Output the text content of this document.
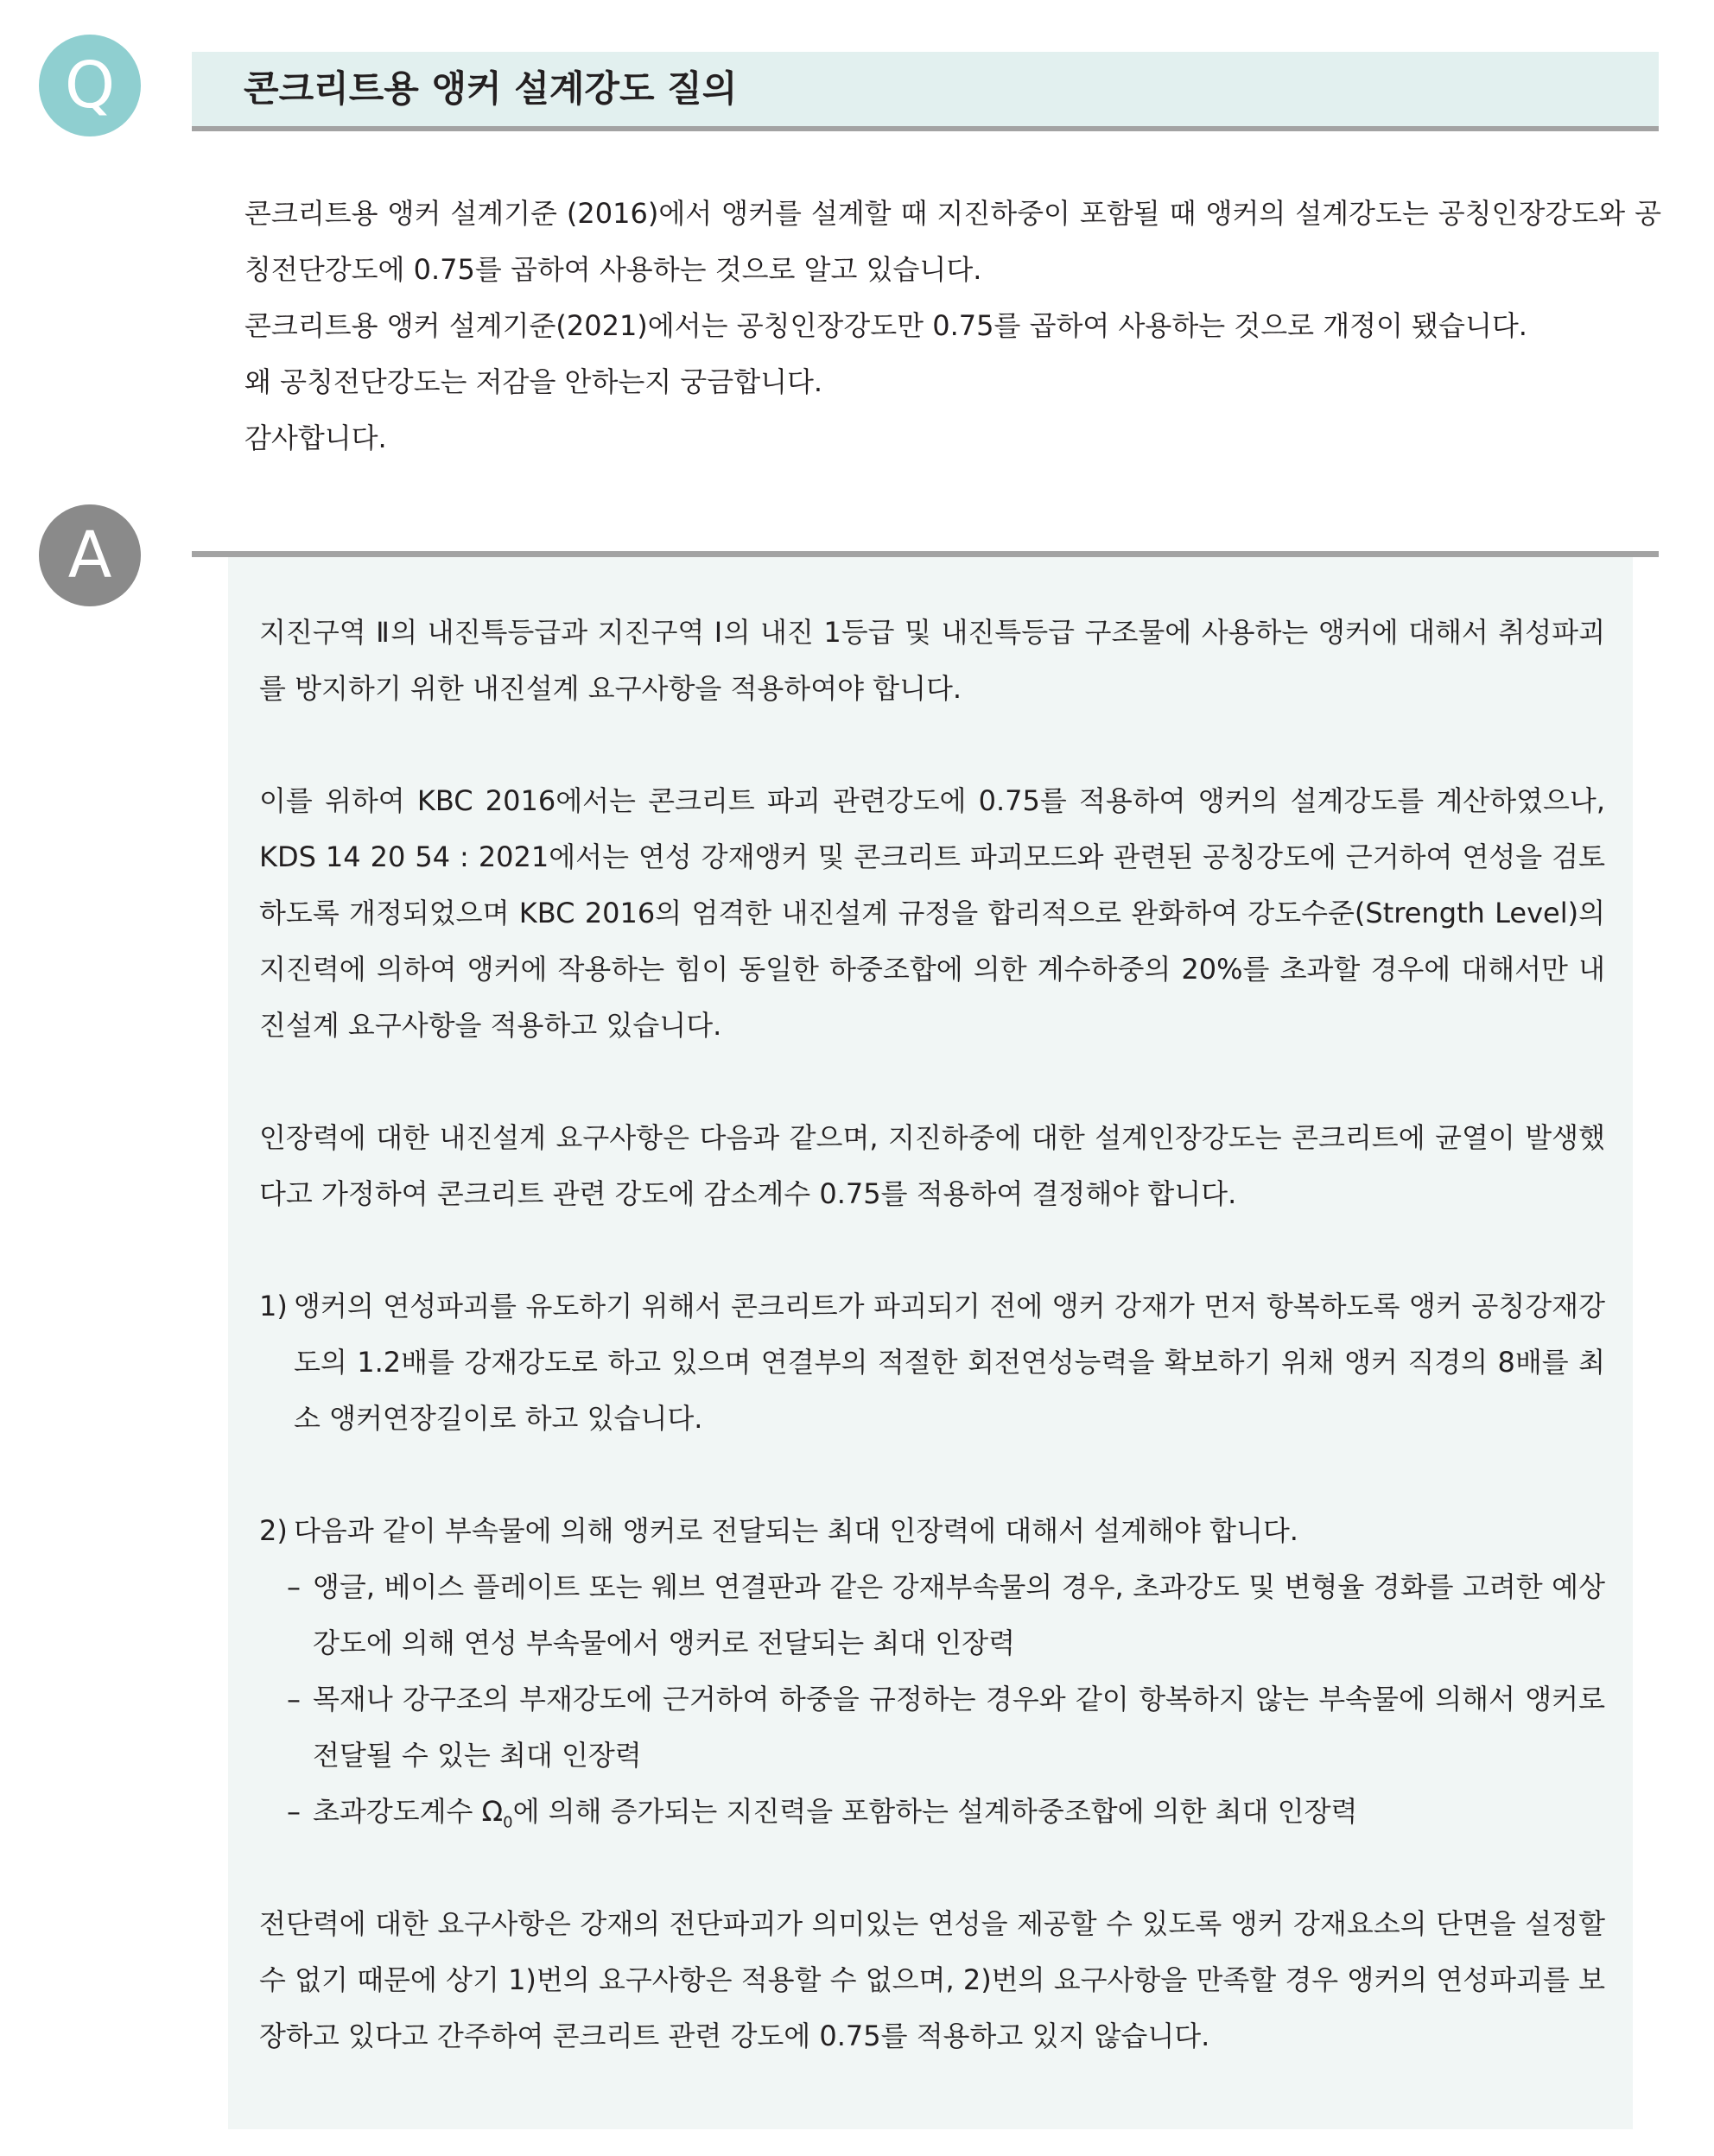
Q	콘크리트용 앵커 설계강도 질의

콘크리트용 앵커 설계기준 (2016)에서 앵커를 설계할 때 지진하중이 포함될 때 앵커의 설계강도는 공칭인장강도와 공칭전단강도에 0.75를 곱하여 사용하는 것으로 알고 있습니다.

콘크리트용 앵커 설계기준(2021)에서는 공칭인장강도만 0.75를 곱하여 사용하는 것으로 개정이 됐습니다.

왜 공칭전단강도는 저감을 안하는지 궁금합니다.

감사합니다.

A

지진구역 Ⅱ의 내진특등급과 지진구역 Ⅰ의 내진 1등급 및 내진특등급 구조물에 사용하는 앵커에 대해서 취성파괴를 방지하기 위한 내진설계 요구사항을 적용하여야 합니다.

이를 위하여 KBC 2016에서는 콘크리트 파괴 관련강도에 0.75를 적용하여 앵커의 설계강도를 계산하였으나, KDS 14 20 54 : 2021에서는 연성 강재앵커 및 콘크리트 파괴모드와 관련된 공칭강도에 근거하여 연성을 검토하도록 개정되었으며 KBC 2016의 엄격한 내진설계 규정을 합리적으로 완화하여 강도수준(Strength Level)의 지진력에 의하여 앵커에 작용하는 힘이 동일한 하중조합에 의한 계수하중의 20%를 초과할 경우에 대해서만 내진설계 요구사항을 적용하고 있습니다.

인장력에 대한 내진설계 요구사항은 다음과 같으며, 지진하중에 대한 설계인장강도는 콘크리트에 균열이 발생했다고 가정하여 콘크리트 관련 강도에 감소계수 0.75를 적용하여 결정해야 합니다.

1) 앵커의 연성파괴를 유도하기 위해서 콘크리트가 파괴되기 전에 앵커 강재가 먼저 항복하도록 앵커 공칭강재강도의 1.2배를 강재강도로 하고 있으며 연결부의 적절한 회전연성능력을 확보하기 위채 앵커 직경의 8배를 최소 앵커연장길이로 하고 있습니다.
2) 다음과 같이 부속물에 의해 앵커로 전달되는 최대 인장력에 대해서 설계해야 합니다.
– 앵글, 베이스 플레이트 또는 웨브 연결판과 같은 강재부속물의 경우, 초과강도 및 변형율 경화를 고려한 예상강도에 의해 연성 부속물에서 앵커로 전달되는 최대 인장력
– 목재나 강구조의 부재강도에 근거하여 하중을 규정하는 경우와 같이 항복하지 않는 부속물에 의해서 앵커로 전달될 수 있는 최대 인장력
– 초과강도계수 $\Omega_0$에 의해 증가되는 지진력을 포함하는 설계하중조합에 의한 최대 인장력

전단력에 대한 요구사항은 강재의 전단파괴가 의미있는 연성을 제공할 수 있도록 앵커 강재요소의 단면을 설정할 수 없기 때문에 상기 1)번의 요구사항은 적용할 수 없으며, 2)번의 요구사항을 만족할 경우 앵커의 연성파괴를 보장하고 있다고 간주하여 콘크리트 관련 강도에 0.75를 적용하고 있지 않습니다.
